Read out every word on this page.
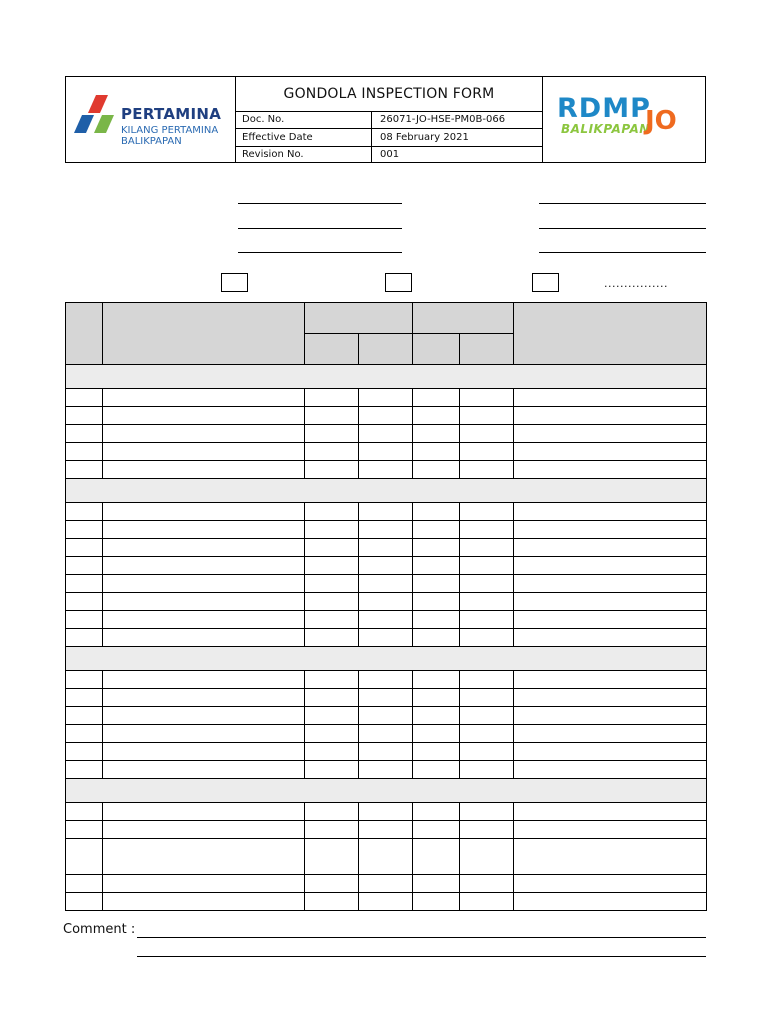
PERTAMINA
KILANG PERTAMINA
BALIKPAPAN
GONDOLA INSPECTION FORM
Doc. No.	26071-JO-HSE-PM0B-066
Effective Date	08 February 2021
Revision No.	001
RDMP
BALIKPAPAN
JO
................

Comment :
